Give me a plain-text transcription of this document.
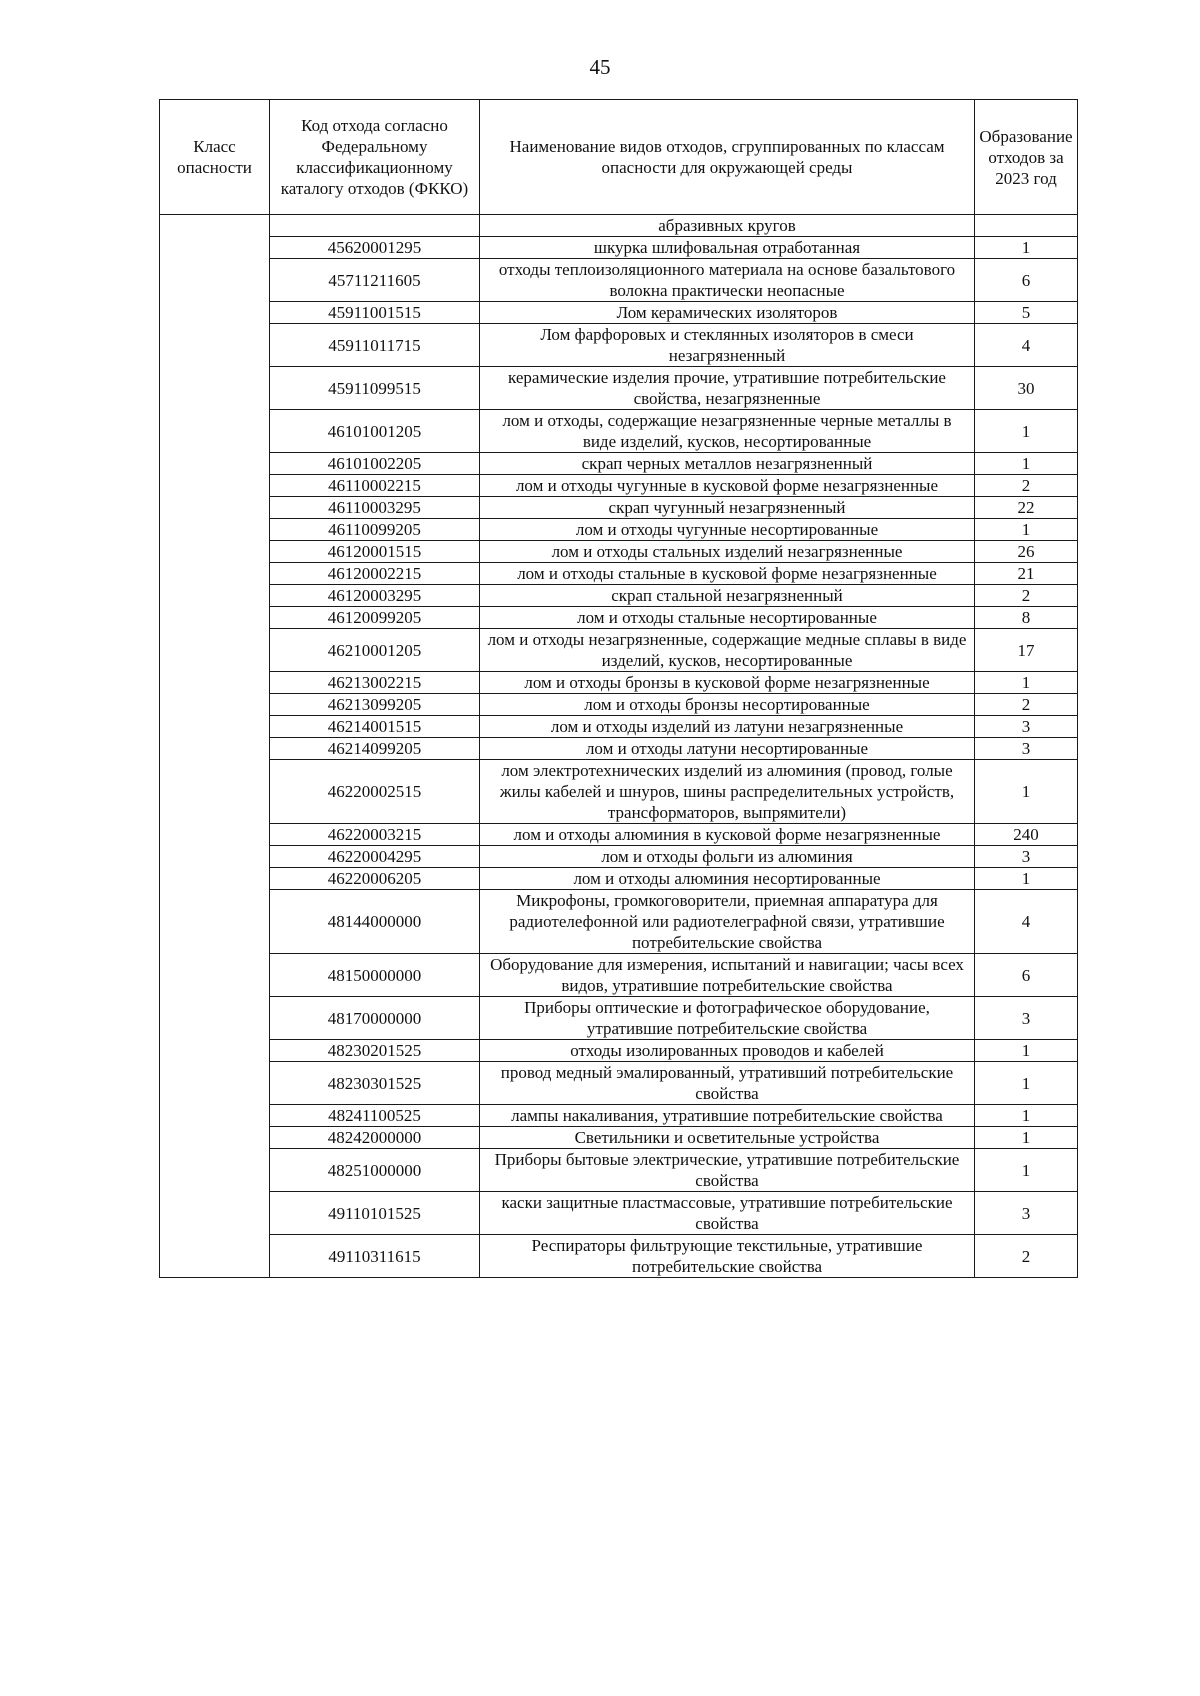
45
Класс опасности	Код отхода согласно Федеральному классификационному каталогу отходов (ФККО)	Наименование видов отходов, сгруппированных по классам опасности для окружающей среды	Образование отходов за 2023 год
		абразивных кругов	
	45620001295	шкурка шлифовальная отработанная	1
	45711211605	отходы теплоизоляционного материала на основе базальтового волокна практически неопасные	6
	45911001515	Лом керамических изоляторов	5
	45911011715	Лом фарфоровых и стеклянных изоляторов в смеси незагрязненный	4
	45911099515	керамические изделия прочие, утратившие потребительские свойства, незагрязненные	30
	46101001205	лом и отходы, содержащие незагрязненные черные металлы в виде изделий, кусков, несортированные	1
	46101002205	скрап черных металлов незагрязненный	1
	46110002215	лом и отходы чугунные в кусковой форме незагрязненные	2
	46110003295	скрап чугунный незагрязненный	22
	46110099205	лом и отходы чугунные несортированные	1
	46120001515	лом и отходы стальных изделий незагрязненные	26
	46120002215	лом и отходы стальные в кусковой форме незагрязненные	21
	46120003295	скрап стальной незагрязненный	2
	46120099205	лом и отходы стальные несортированные	8
	46210001205	лом и отходы незагрязненные, содержащие медные сплавы в виде изделий, кусков, несортированные	17
	46213002215	лом и отходы бронзы в кусковой форме незагрязненные	1
	46213099205	лом и отходы бронзы несортированные	2
	46214001515	лом и отходы изделий из латуни незагрязненные	3
	46214099205	лом и отходы латуни несортированные	3
	46220002515	лом электротехнических изделий из алюминия (провод, голые жилы кабелей и шнуров, шины распределительных устройств, трансформаторов, выпрямители)	1
	46220003215	лом и отходы алюминия в кусковой форме незагрязненные	240
	46220004295	лом и отходы фольги из алюминия	3
	46220006205	лом и отходы алюминия несортированные	1
	48144000000	Микрофоны, громкоговорители, приемная аппаратура для радиотелефонной или радиотелеграфной связи, утратившие потребительские свойства	4
	48150000000	Оборудование для измерения, испытаний и навигации; часы всех видов, утратившие потребительские свойства	6
	48170000000	Приборы оптические и фотографическое оборудование, утратившие потребительские свойства	3
	48230201525	отходы изолированных проводов и кабелей	1
	48230301525	провод медный эмалированный, утративший потребительские свойства	1
	48241100525	лампы накаливания, утратившие потребительские свойства	1
	48242000000	Светильники и осветительные устройства	1
	48251000000	Приборы бытовые электрические, утратившие потребительские свойства	1
	49110101525	каски защитные пластмассовые, утратившие потребительские свойства	3
	49110311615	Респираторы фильтрующие текстильные, утратившие потребительские свойства	2
